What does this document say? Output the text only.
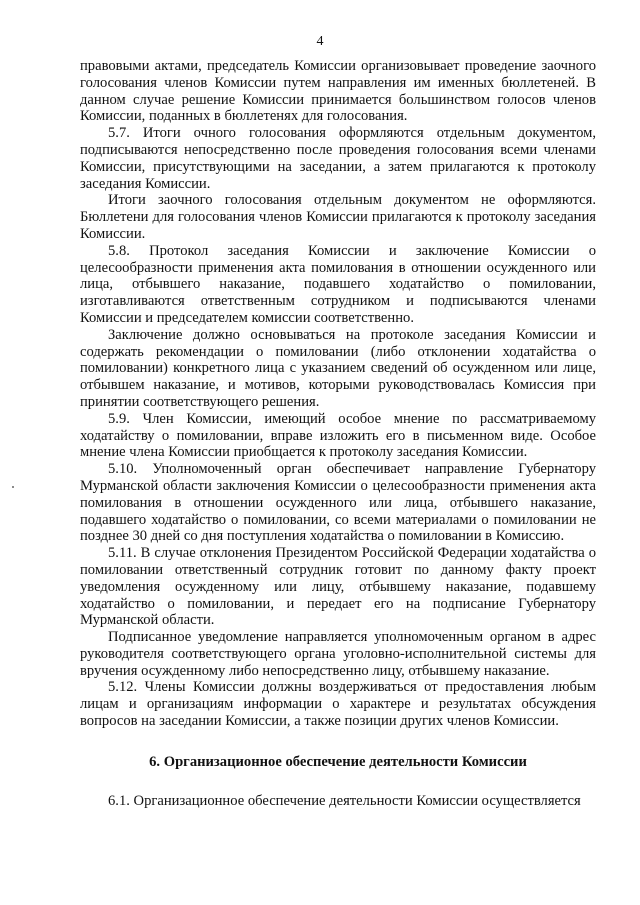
4

правовыми актами, председатель Комиссии организовывает проведение заочного голосования членов Комиссии путем направления им именных бюллетеней. В данном случае решение Комиссии принимается большинством голосов членов Комиссии, поданных в бюллетенях для голосования.

5.7. Итоги очного голосования оформляются отдельным документом, подписываются непосредственно после проведения голосования всеми членами Комиссии, присутствующими на заседании, а затем прилагаются к протоколу заседания Комиссии.

Итоги заочного голосования отдельным документом не оформляются. Бюллетени для голосования членов Комиссии прилагаются к протоколу заседания Комиссии.

5.8. Протокол заседания Комиссии и заключение Комиссии о целесообразности применения акта помилования в отношении осужденного или лица, отбывшего наказание, подавшего ходатайство о помиловании, изготавливаются ответственным сотрудником и подписываются членами Комиссии и председателем комиссии соответственно.

Заключение должно основываться на протоколе заседания Комиссии и содержать рекомендации о помиловании (либо отклонении ходатайства о помиловании) конкретного лица с указанием сведений об осужденном или лице, отбывшем наказание, и мотивов, которыми руководствовалась Комиссия при принятии соответствующего решения.

5.9. Член Комиссии, имеющий особое мнение по рассматриваемому ходатайству о помиловании, вправе изложить его в письменном виде. Особое мнение члена Комиссии приобщается к протоколу заседания Комиссии.

5.10. Уполномоченный орган обеспечивает направление Губернатору Мурманской области заключения Комиссии о целесообразности применения акта помилования в отношении осужденного или лица, отбывшего наказание, подавшего ходатайство о помиловании, со всеми материалами о помиловании не позднее 30 дней со дня поступления ходатайства о помиловании в Комиссию.

5.11. В случае отклонения Президентом Российской Федерации ходатайства о помиловании ответственный сотрудник готовит по данному факту проект уведомления осужденному или лицу, отбывшему наказание, подавшему ходатайство о помиловании, и передает его на подписание Губернатору Мурманской области.

Подписанное уведомление направляется уполномоченным органом в адрес руководителя соответствующего органа уголовно-исполнительной системы для вручения осужденному либо непосредственно лицу, отбывшему наказание.

5.12. Члены Комиссии должны воздерживаться от предоставления любым лицам и организациям информации о характере и результатах обсуждения вопросов на заседании Комиссии, а также позиции других членов Комиссии.

6. Организационное обеспечение деятельности Комиссии

6.1. Организационное обеспечение деятельности Комиссии осуществляется
